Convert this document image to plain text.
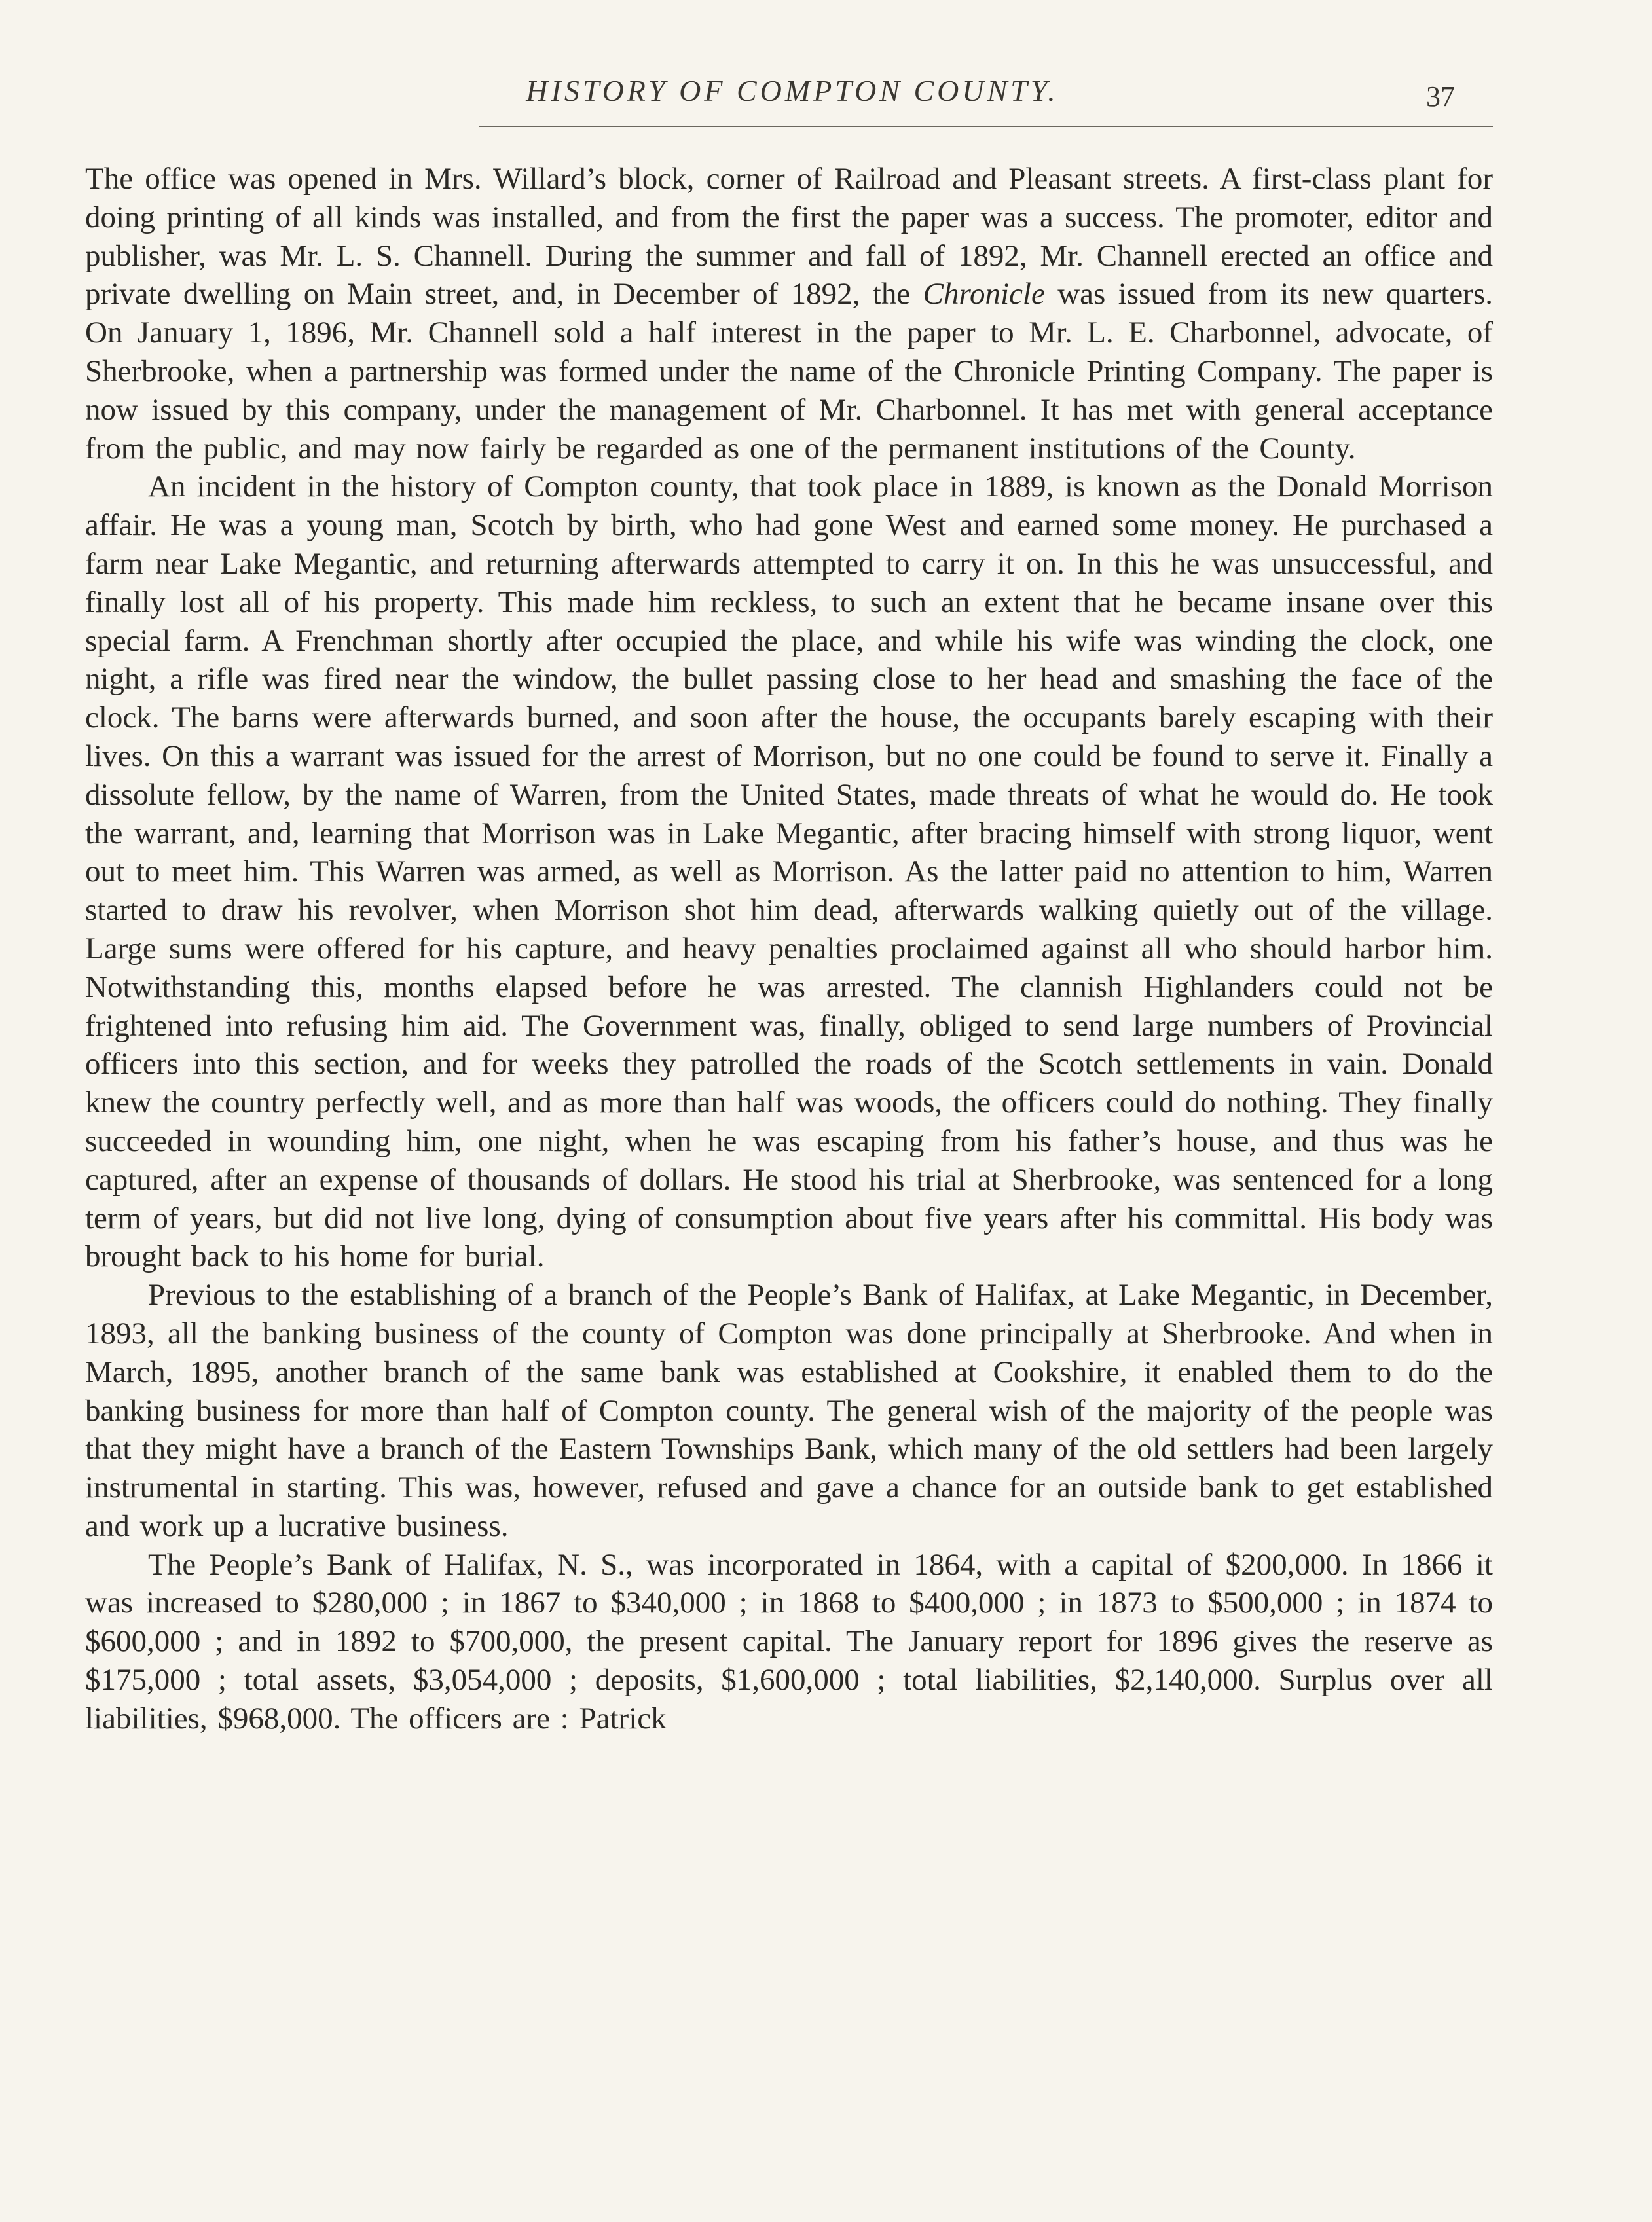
HISTORY OF COMPTON COUNTY.	37

The office was opened in Mrs. Willard’s block, corner of Railroad and Pleasant streets. A first-class plant for doing printing of all kinds was installed, and from the first the paper was a success. The promoter, editor and publisher, was Mr. L. S. Channell. During the summer and fall of 1892, Mr. Channell erected an office and private dwelling on Main street, and, in December of 1892, the Chronicle was issued from its new quarters. On January 1, 1896, Mr. Channell sold a half interest in the paper to Mr. L. E. Charbonnel, advocate, of Sherbrooke, when a partnership was formed under the name of the Chronicle Printing Company. The paper is now issued by this company, under the management of Mr. Charbonnel. It has met with general acceptance from the public, and may now fairly be regarded as one of the permanent institutions of the County.

An incident in the history of Compton county, that took place in 1889, is known as the Donald Morrison affair. He was a young man, Scotch by birth, who had gone West and earned some money. He purchased a farm near Lake Megantic, and returning afterwards attempted to carry it on. In this he was unsuccessful, and finally lost all of his property. This made him reckless, to such an extent that he became insane over this special farm. A Frenchman shortly after occupied the place, and while his wife was winding the clock, one night, a rifle was fired near the window, the bullet passing close to her head and smashing the face of the clock. The barns were afterwards burned, and soon after the house, the occupants barely escaping with their lives. On this a warrant was issued for the arrest of Morrison, but no one could be found to serve it. Finally a dissolute fellow, by the name of Warren, from the United States, made threats of what he would do. He took the warrant, and, learning that Morrison was in Lake Megantic, after bracing himself with strong liquor, went out to meet him. This Warren was armed, as well as Morrison. As the latter paid no attention to him, Warren started to draw his revolver, when Morrison shot him dead, afterwards walking quietly out of the village. Large sums were offered for his capture, and heavy penalties proclaimed against all who should harbor him. Notwithstanding this, months elapsed before he was arrested. The clannish Highlanders could not be frightened into refusing him aid. The Government was, finally, obliged to send large numbers of Provincial officers into this section, and for weeks they patrolled the roads of the Scotch settlements in vain. Donald knew the country perfectly well, and as more than half was woods, the officers could do nothing. They finally succeeded in wounding him, one night, when he was escaping from his father’s house, and thus was he captured, after an expense of thousands of dollars. He stood his trial at Sherbrooke, was sentenced for a long term of years, but did not live long, dying of consumption about five years after his committal. His body was brought back to his home for burial.

Previous to the establishing of a branch of the People’s Bank of Halifax, at Lake Megantic, in December, 1893, all the banking business of the county of Compton was done principally at Sherbrooke. And when in March, 1895, another branch of the same bank was established at Cookshire, it enabled them to do the banking business for more than half of Compton county. The general wish of the majority of the people was that they might have a branch of the Eastern Townships Bank, which many of the old settlers had been largely instrumental in starting. This was, however, refused and gave a chance for an outside bank to get established and work up a lucrative business.

The People’s Bank of Halifax, N. S., was incorporated in 1864, with a capital of $200,000. In 1866 it was increased to $280,000 ; in 1867 to $340,000 ; in 1868 to $400,000 ; in 1873 to $500,000 ; in 1874 to $600,000 ; and in 1892 to $700,000, the present capital. The January report for 1896 gives the reserve as $175,000 ; total assets, $3,054,000 ; deposits, $1,600,000 ; total liabilities, $2,140,000. Surplus over all liabilities, $968,000. The officers are : Patrick
